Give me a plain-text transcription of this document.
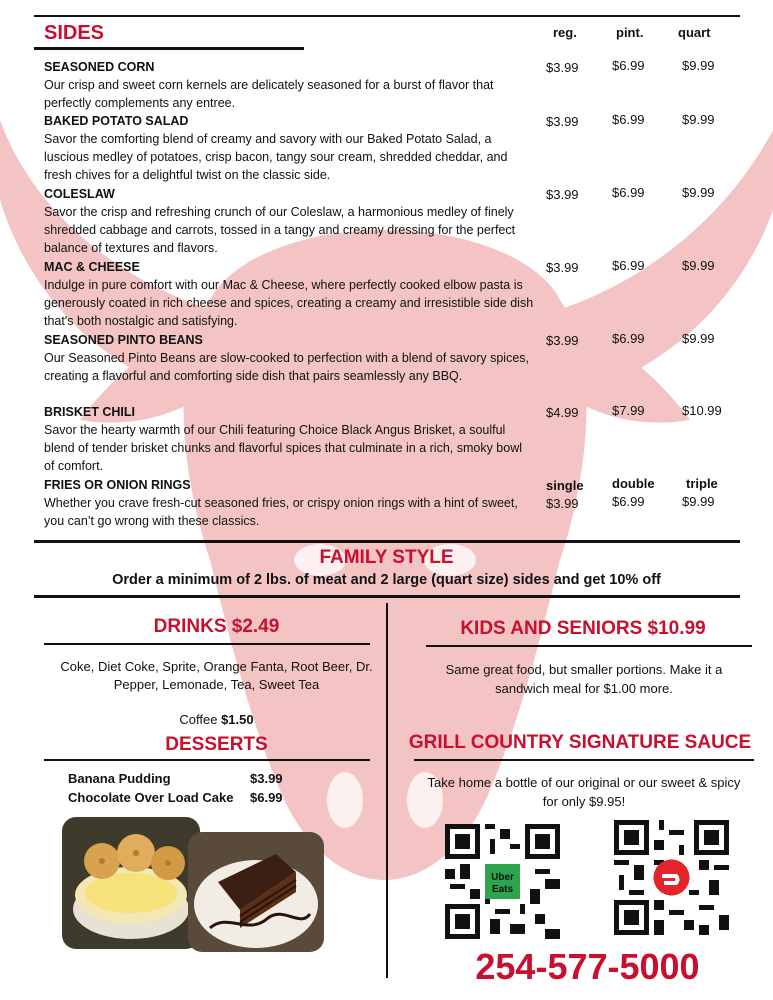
SIDES	reg.	pint.	quart
SEASONED CORN
Our crisp and sweet corn kernels are delicately seasoned for a burst of flavor that perfectly complements any entree.
$3.99	$6.99	$9.99
BAKED POTATO SALAD
Savor the comforting blend of creamy and savory with our Baked Potato Salad, a luscious medley of potatoes, crisp bacon, tangy sour cream, shredded cheddar, and fresh chives for a delightful twist on the classic side.
$3.99	$6.99	$9.99
COLESLAW
Savor the crisp and refreshing crunch of our Coleslaw, a harmonious medley of finely shredded cabbage and carrots, tossed in a tangy and creamy dressing for the perfect balance of textures and flavors.
$3.99	$6.99	$9.99
MAC & CHEESE
Indulge in pure comfort with our Mac & Cheese, where perfectly cooked elbow pasta is generously coated in rich cheese and spices, creating a creamy and irresistible side dish that's both nostalgic and satisfying.
$3.99	$6.99	$9.99
SEASONED PINTO BEANS
Our Seasoned Pinto Beans are slow-cooked to perfection with a blend of savory spices, creating a flavorful and comforting side dish that pairs seamlessly any BBQ.
$3.99	$6.99	$9.99
BRISKET CHILI
Savor the hearty warmth of our Chili featuring Choice Black Angus Brisket, a soulful blend of tender brisket chunks and flavorful spices that culminate in a rich, smoky bowl of comfort.
$4.99	$7.99	$10.99
single double triple
FRIES OR ONION RINGS
Whether you crave fresh-cut seasoned fries, or crispy onion rings with a hint of sweet, you can’t go wrong with these classics.
$3.99	$6.99	$9.99
FAMILY STYLE
Order a minimum of 2 lbs. of meat and 2 large (quart size) sides and get 10% off
DRINKS $2.49
Coke, Diet Coke, Sprite, Orange Fanta, Root Beer, Dr. Pepper, Lemonade, Tea, Sweet Tea
Coffee $1.50
DESSERTS
Banana Pudding	$3.99
Chocolate Over Load Cake $6.99
KIDS AND SENIORS $10.99
Same great food, but smaller portions. Make it a sandwich meal for $1.00 more.
GRILL COUNTRY SIGNATURE SAUCE
Take home a bottle of our original or our sweet & spicy for only $9.95!
Uber
Eats
254-577-5000
